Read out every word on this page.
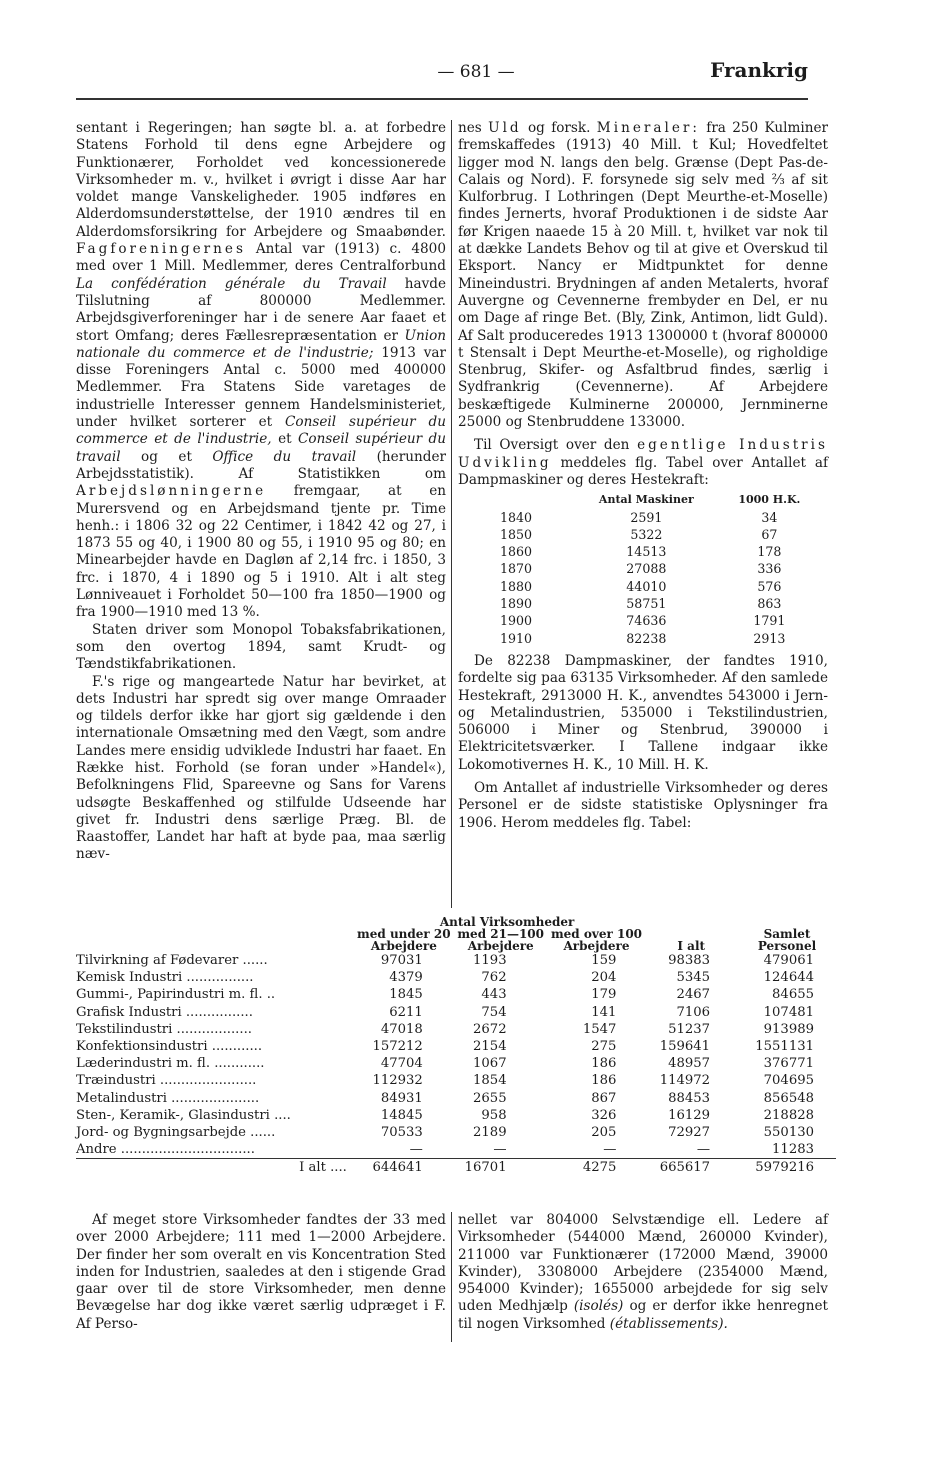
— 681 —	Frankrig

sentant i Regeringen; han søgte bl. a. at forbedre Statens Forhold til dens egne Arbejdere og Funktionærer, Forholdet ved koncessionerede Virksomheder m. v., hvilket i øvrigt i disse Aar har voldet mange Vanskeligheder. 1905 indføres en Alderdomsunderstøttelse, der 1910 ændres til en Alderdomsforsikring for Arbejdere og Smaabønder. Fagforeningernes Antal var (1913) c. 4800 med over 1 Mill. Medlemmer, deres Centralforbund La confédération générale du Travail havde Tilslutning af 800000 Medlemmer. Arbejdsgiverforeninger har i de senere Aar faaet et stort Omfang; deres Fællesrepræsentation er Union nationale du commerce et de l'industrie; 1913 var disse Foreningers Antal c. 5000 med 400000 Medlemmer. Fra Statens Side varetages de industrielle Interesser gennem Handelsministeriet, under hvilket sorterer et Conseil supérieur du commerce et de l'industrie, et Conseil supérieur du travail og et Office du travail (herunder Arbejdsstatistik). Af Statistikken om Arbejdslønningerne fremgaar, at en Murersvend og en Arbejdsmand tjente pr. Time henh.: i 1806 32 og 22 Centimer, i 1842 42 og 27, i 1873 55 og 40, i 1900 80 og 55, i 1910 95 og 80; en Minearbejder havde en Dagløn af 2,14 frc. i 1850, 3 frc. i 1870, 4 i 1890 og 5 i 1910. Alt i alt steg Lønniveauet i Forholdet 50—100 fra 1850—1900 og fra 1900—1910 med 13 %.

Staten driver som Monopol Tobaksfabrikationen, som den overtog 1894, samt Krudt- og Tændstikfabrikationen.

F.'s rige og mangeartede Natur har bevirket, at dets Industri har spredt sig over mange Omraader og tildels derfor ikke har gjort sig gældende i den internationale Omsætning med den Vægt, som andre Landes mere ensidig udviklede Industri har faaet. En Række hist. Forhold (se foran under »Handel«), Befolkningens Flid, Spareevne og Sans for Varens udsøgte Beskaffenhed og stilfulde Udseende har givet fr. Industri dens særlige Præg. Bl. de Raastoffer, Landet har haft at byde paa, maa særlig næv-

nes Uld og forsk. Mineraler: fra 250 Kulminer fremskaffedes (1913) 40 Mill. t Kul; Hovedfeltet ligger mod N. langs den belg. Grænse (Dept Pas-de-Calais og Nord). F. forsynede sig selv med ⅔ af sit Kulforbrug. I Lothringen (Dept Meurthe-et-Moselle) findes Jernerts, hvoraf Produktionen i de sidste Aar før Krigen naaede 15 à 20 Mill. t, hvilket var nok til at dække Landets Behov og til at give et Overskud til Eksport. Nancy er Midtpunktet for denne Mineindustri. Brydningen af anden Metalerts, hvoraf Auvergne og Cevennerne frembyder en Del, er nu om Dage af ringe Bet. (Bly, Zink, Antimon, lidt Guld). Af Salt produceredes 1913 1300000 t (hvoraf 800000 t Stensalt i Dept Meurthe-et-Moselle), og righoldige Stenbrug, Skifer- og Asfaltbrud findes, særlig i Sydfrankrig (Cevennerne). Af Arbejdere beskæftigede Kulminerne 200000, Jernminerne 25000 og Stenbruddene 133000.

Til Oversigt over den egentlige Industris Udvikling meddeles flg. Tabel over Antallet af Dampmaskiner og deres Hestekraft:

	Antal Maskiner	1000 H.K.
1840	2591	34
1850	5322	67
1860	14513	178
1870	27088	336
1880	44010	576
1890	58751	863
1900	74636	1791
1910	82238	2913

De 82238 Dampmaskiner, der fandtes 1910, fordelte sig paa 63135 Virksomheder. Af den samlede Hestekraft, 2913000 H. K., anvendtes 543000 i Jern- og Metalindustrien, 535000 i Tekstilindustrien, 506000 i Miner og Stenbrud, 390000 i Elektricitetsværker. I Tallene indgaar ikke Lokomotivernes H. K., 10 Mill. H. K.

Om Antallet af industrielle Virksomheder og deres Personel er de sidste statistiske Oplysninger fra 1906. Herom meddeles flg. Tabel:

	Antal Virksomheder				
	med under 20 Arbejdere	med 21—100 Arbejdere	med over 100 Arbejdere	I alt	Samlet Personel
Tilvirkning af Fødevarer ......	97031	1193	159	98383	479061
Kemisk Industri ................	4379	762	204	5345	124644
Gummi-, Papirindustri m. fl. ..	1845	443	179	2467	84655
Grafisk Industri ................	6211	754	141	7106	107481
Tekstilindustri ..................	47018	2672	1547	51237	913989
Konfektionsindustri ............	157212	2154	275	159641	1551131
Læderindustri m. fl. ............	47704	1067	186	48957	376771
Træindustri .......................	112932	1854	186	114972	704695
Metalindustri .....................	84931	2655	867	88453	856548
Sten-, Keramik-, Glasindustri ....	14845	958	326	16129	218828
Jord- og Bygningsarbejde ......	70533	2189	205	72927	550130
Andre ................................	—	—	—	—	11283
I alt ....	644641	16701	4275	665617	5979216

Af meget store Virksomheder fandtes der 33 med over 2000 Arbejdere; 111 med 1—2000 Arbejdere. Der finder her som overalt en vis Koncentration Sted inden for Industrien, saaledes at den i stigende Grad gaar over til de store Virksomheder, men denne Bevægelse har dog ikke været særlig udpræget i F. Af Perso-

nellet var 804000 Selvstændige ell. Ledere af Virksomheder (544000 Mænd, 260000 Kvinder), 211000 var Funktionærer (172000 Mænd, 39000 Kvinder), 3308000 Arbejdere (2354000 Mænd, 954000 Kvinder); 1655000 arbejdede for sig selv uden Medhjælp (isolés) og er derfor ikke henregnet til nogen Virksomhed (établissements).
